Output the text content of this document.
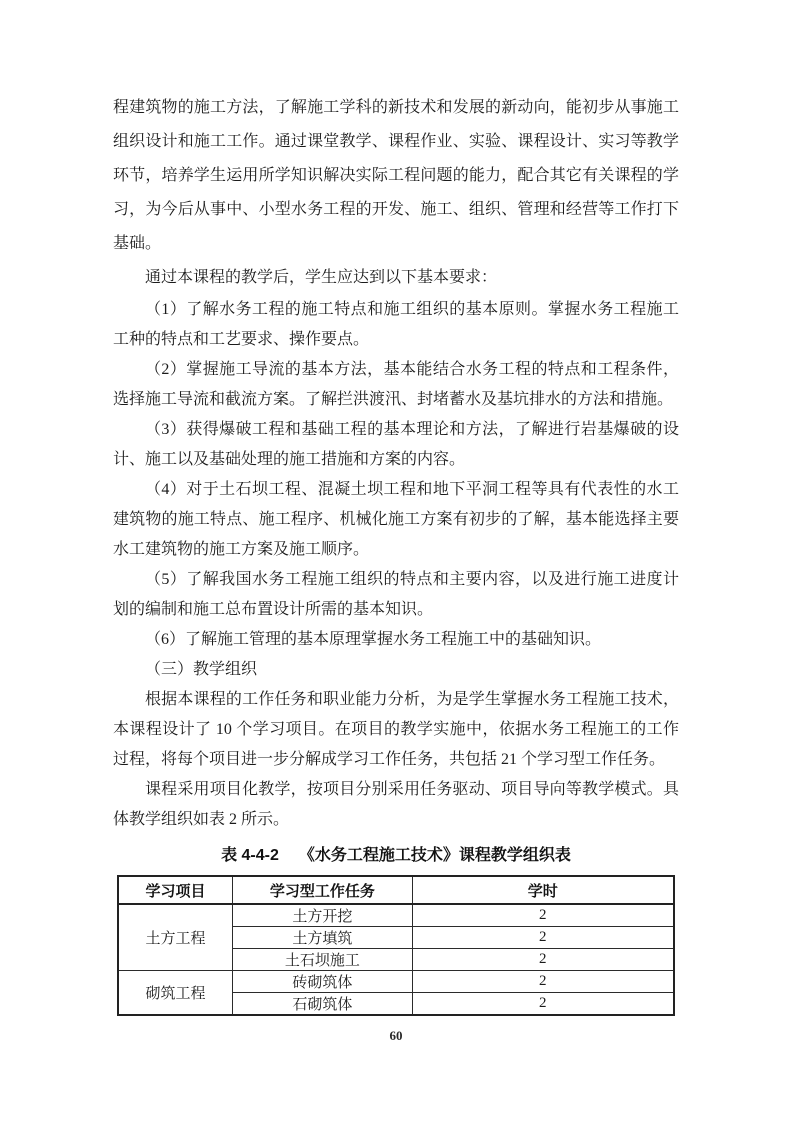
程建筑物的施工方法，了解施工学科的新技术和发展的新动向，能初步从事施工组织设计和施工工作。通过课堂教学、课程作业、实验、课程设计、实习等教学环节，培养学生运用所学知识解决实际工程问题的能力，配合其它有关课程的学习，为今后从事中、小型水务工程的开发、施工、组织、管理和经营等工作打下基础。

通过本课程的教学后，学生应达到以下基本要求：

（1）了解水务工程的施工特点和施工组织的基本原则。掌握水务工程施工工种的特点和工艺要求、操作要点。

（2）掌握施工导流的基本方法，基本能结合水务工程的特点和工程条件，选择施工导流和截流方案。了解拦洪渡汛、封堵蓄水及基坑排水的方法和措施。

（3）获得爆破工程和基础工程的基本理论和方法，了解进行岩基爆破的设计、施工以及基础处理的施工措施和方案的内容。

（4）对于土石坝工程、混凝土坝工程和地下平洞工程等具有代表性的水工建筑物的施工特点、施工程序、机械化施工方案有初步的了解，基本能选择主要水工建筑物的施工方案及施工顺序。

（5）了解我国水务工程施工组织的特点和主要内容，以及进行施工进度计划的编制和施工总布置设计所需的基本知识。

（6）了解施工管理的基本原理掌握水务工程施工中的基础知识。

（三）教学组织

根据本课程的工作任务和职业能力分析，为是学生掌握水务工程施工技术，本课程设计了 10 个学习项目。在项目的教学实施中，依据水务工程施工的工作过程，将每个项目进一步分解成学习工作任务，共包括 21 个学习型工作任务。

课程采用项目化教学，按项目分别采用任务驱动、项目导向等教学模式。具体教学组织如表 2 所示。

表 4-4-2 《水务工程施工技术》课程教学组织表
学习项目	学习型工作任务	学时
土方工程	土方开挖	2
	土方填筑	2
	土石坝施工	2
砌筑工程	砖砌筑体	2
	石砌筑体	2
60
